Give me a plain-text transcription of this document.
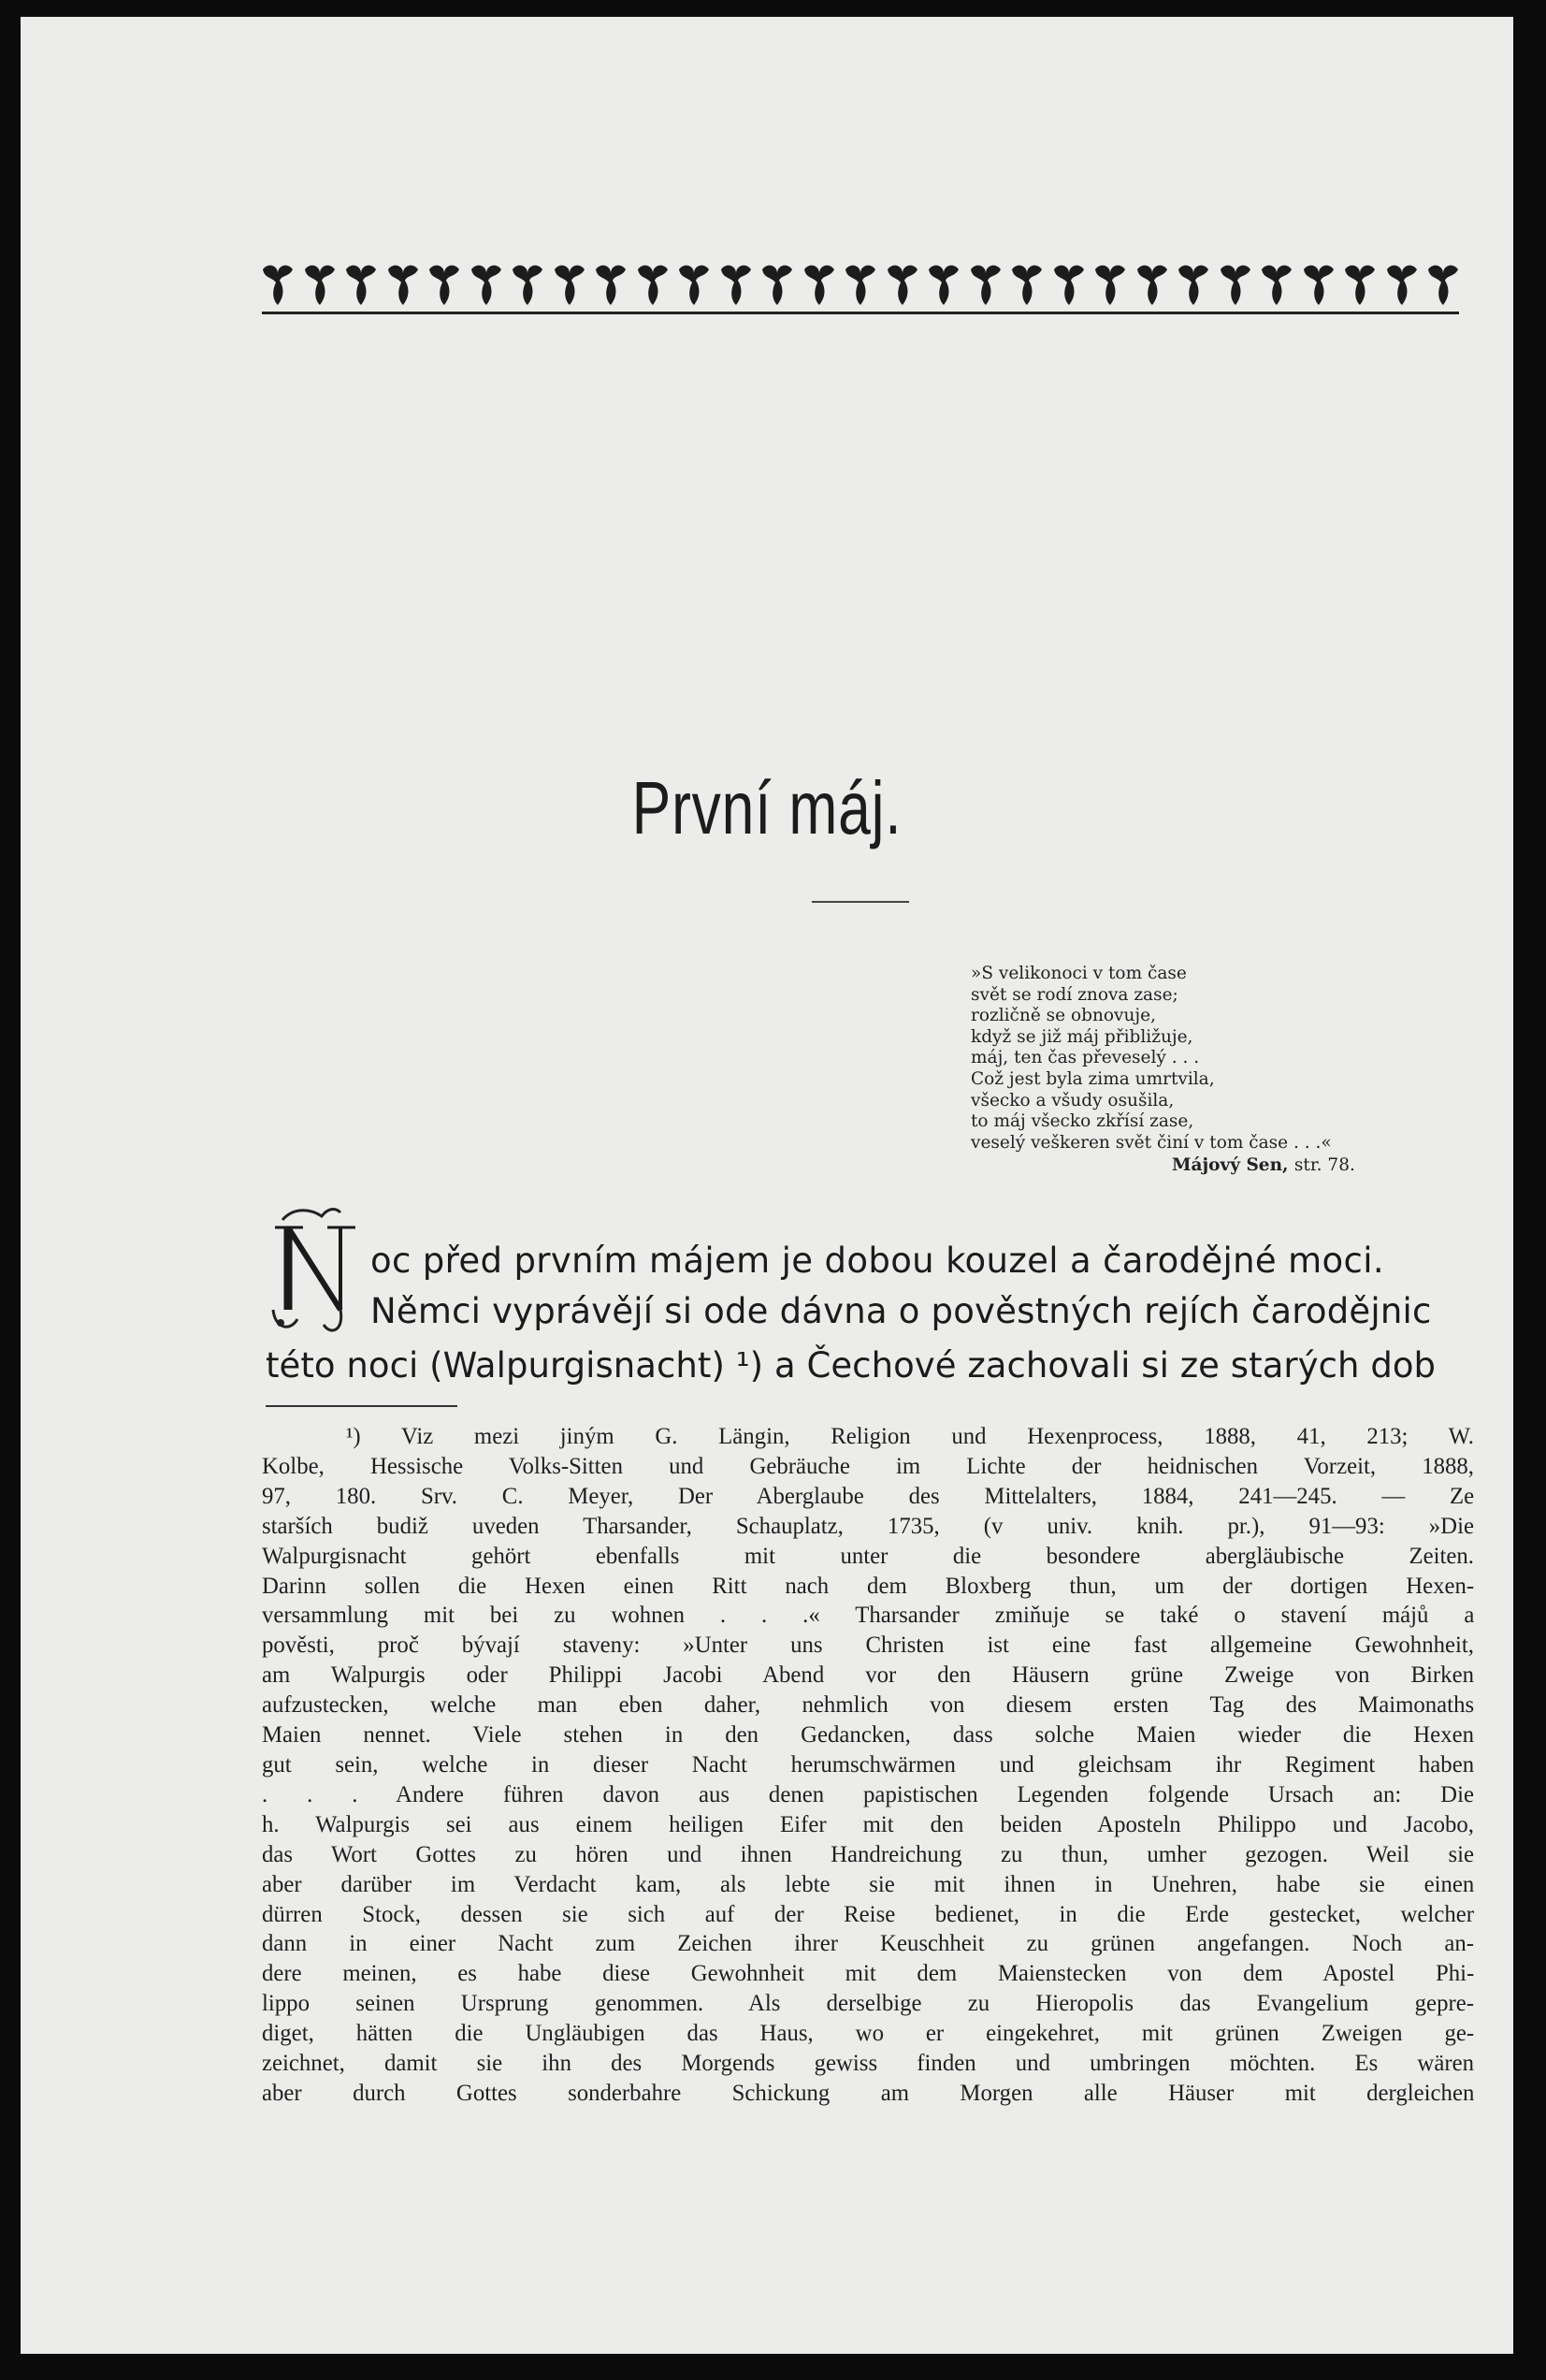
První máj.
»S velikonoci v tom čase
svět se rodí znova zase;
rozličně se obnovuje,
když se již máj přibližuje,
máj, ten čas převeselý . . .
Což jest byla zima umrtvila,
všecko a všudy osušila,
to máj všecko zkřísí zase,
veselý veškeren svět činí v tom čase . . .«
Májový Sen, str. 78.
oc před prvním májem je dobou kouzel a čarodějné moci.
Němci vyprávějí si ode dávna o pověstných rejích čarodějnic
této noci (Walpurgisnacht) ¹) a Čechové zachovali si ze starých dob
¹) Viz mezi jiným G. Längin, Religion und Hexenprocess, 1888, 41, 213; W.
Kolbe, Hessische Volks-Sitten und Gebräuche im Lichte der heidnischen Vorzeit, 1888,
97, 180. Srv. C. Meyer, Der Aberglaube des Mittelalters, 1884, 241—245. — Ze
starších budiž uveden Tharsander, Schauplatz, 1735, (v univ. knih. pr.), 91—93: »Die
Walpurgisnacht gehört ebenfalls mit unter die besondere abergläubische Zeiten.
Darinn sollen die Hexen einen Ritt nach dem Bloxberg thun, um der dortigen Hexen-
versammlung mit bei zu wohnen . . .« Tharsander zmiňuje se také o stavení májů a
pověsti, proč bývají staveny: »Unter uns Christen ist eine fast allgemeine Gewohnheit,
am Walpurgis oder Philippi Jacobi Abend vor den Häusern grüne Zweige von Birken
aufzustecken, welche man eben daher, nehmlich von diesem ersten Tag des Maimonaths
Maien nennet. Viele stehen in den Gedancken, dass solche Maien wieder die Hexen
gut sein, welche in dieser Nacht herumschwärmen und gleichsam ihr Regiment haben
. . . Andere führen davon aus denen papistischen Legenden folgende Ursach an: Die
h. Walpurgis sei aus einem heiligen Eifer mit den beiden Aposteln Philippo und Jacobo,
das Wort Gottes zu hören und ihnen Handreichung zu thun, umher gezogen. Weil sie
aber darüber im Verdacht kam, als lebte sie mit ihnen in Unehren, habe sie einen
dürren Stock, dessen sie sich auf der Reise bedienet, in die Erde gestecket, welcher
dann in einer Nacht zum Zeichen ihrer Keuschheit zu grünen angefangen. Noch an-
dere meinen, es habe diese Gewohnheit mit dem Maienstecken von dem Apostel Phi-
lippo seinen Ursprung genommen. Als derselbige zu Hieropolis das Evangelium gepre-
diget, hätten die Ungläubigen das Haus, wo er eingekehret, mit grünen Zweigen ge-
zeichnet, damit sie ihn des Morgends gewiss finden und umbringen möchten. Es wären
aber durch Gottes sonderbahre Schickung am Morgen alle Häuser mit dergleichen
